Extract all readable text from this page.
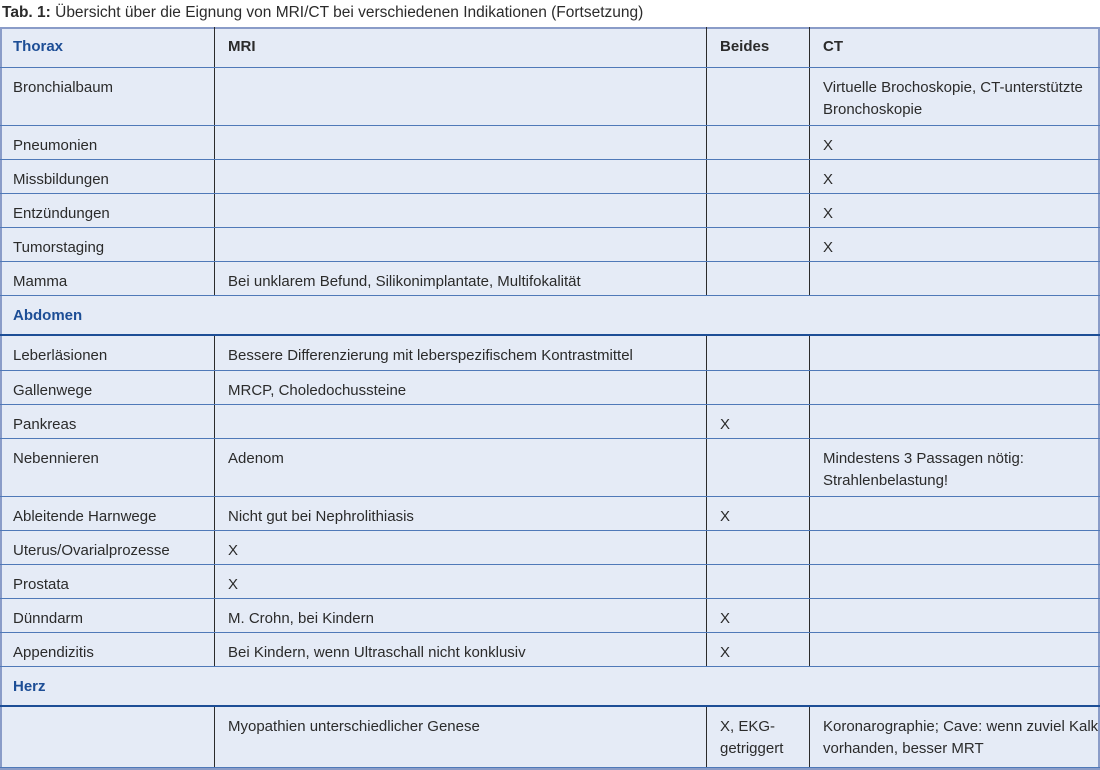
Tab. 1: Übersicht über die Eignung von MRI/CT bei verschiedenen Indikationen (Fortsetzung)
Thorax	MRI	Beides	CT

Bronchialbaum			Virtuelle Brochoskopie, CT-unterstützte Bronchoskopie

Pneumonien			X

Missbildungen			X

Entzündungen			X

Tumorstaging			X

Mamma	Bei unklarem Befund, Silikonimplantate, Multifokalität		

Abdomen			

Leberläsionen	Bessere Differenzierung mit leberspezifischem Kontrastmittel		

Gallenwege	MRCP, Choledochussteine		

Pankreas		X	

Nebennieren	Adenom		Mindestens 3 Passagen nötig: Strahlenbelastung!

Ableitende Harnwege	Nicht gut bei Nephrolithiasis	X	

Uterus/Ovarialprozesse	X		

Prostata	X		

Dünndarm	M. Crohn, bei Kindern	X	

Appendizitis	Bei Kindern, wenn Ultraschall nicht konklusiv	X	

Herz			

	Myopathien unterschiedlicher Genese	X, EKG-getriggert	Koronarographie; Cave: wenn zuviel Kalk vorhanden, besser MRT
